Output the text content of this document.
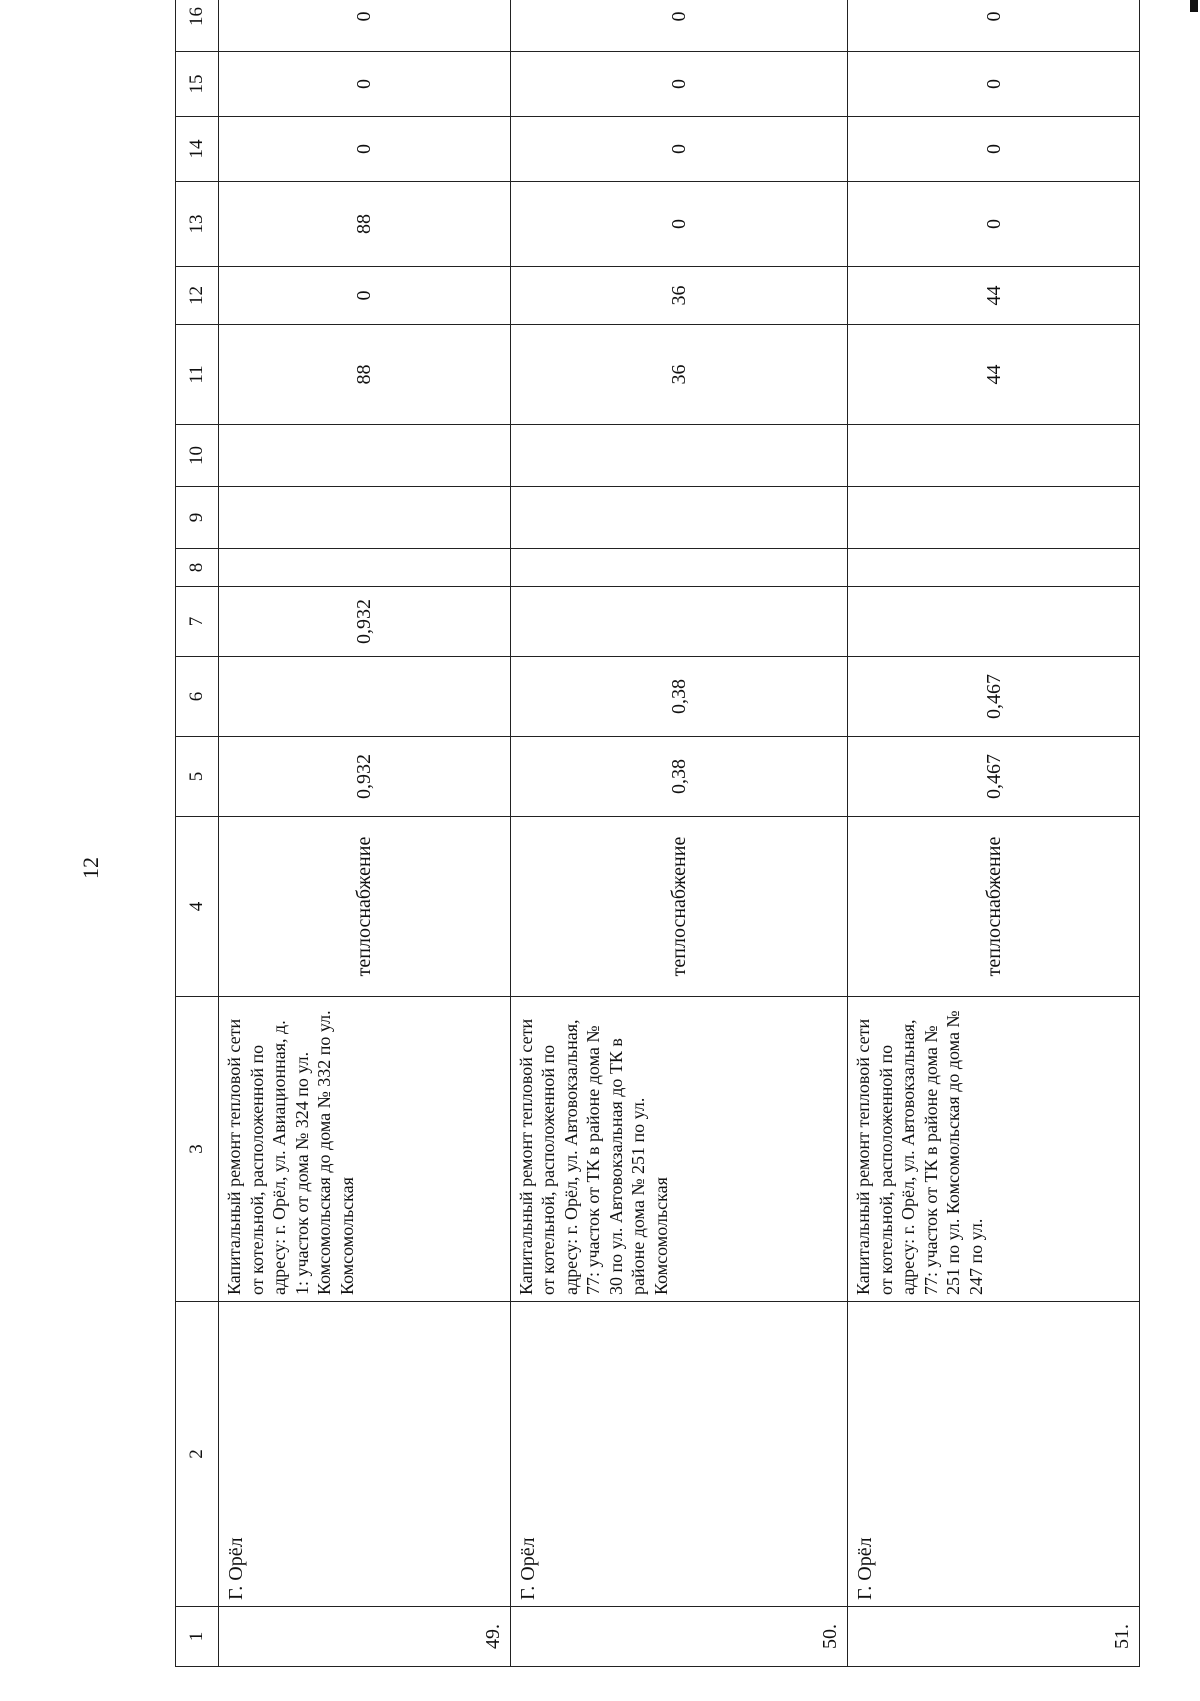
12
1	2	3	4	5	6	7	8	9	10	11	12	13	14	15	16
49.	Г. Орёл	Капитальный ремонт тепловой сети от котельной, расположенной по адресу: г. Орёл, ул. Авиационная, д. 1: участок от дома № 324 по ул. Комсомольская до дома № 332 по ул. Комсомольская	теплоснабжение	0,932		0,932				88	0	88	0	0	0
50.	Г. Орёл	Капитальный ремонт тепловой сети от котельной, расположенной по адресу: г. Орёл, ул. Автовокзальная, 77: участок от ТК в районе дома № 30 по ул. Автовокзальная до ТК в районе дома № 251 по ул. Комсомольская	теплоснабжение	0,38	0,38					36	36	0	0	0	0
51.	Г. Орёл	Капитальный ремонт тепловой сети от котельной, расположенной по адресу: г. Орёл, ул. Автовокзальная, 77: участок от ТК в районе дома № 251 по ул. Комсомольская до дома № 247 по ул.	теплоснабжение	0,467	0,467					44	44	0	0	0	0
